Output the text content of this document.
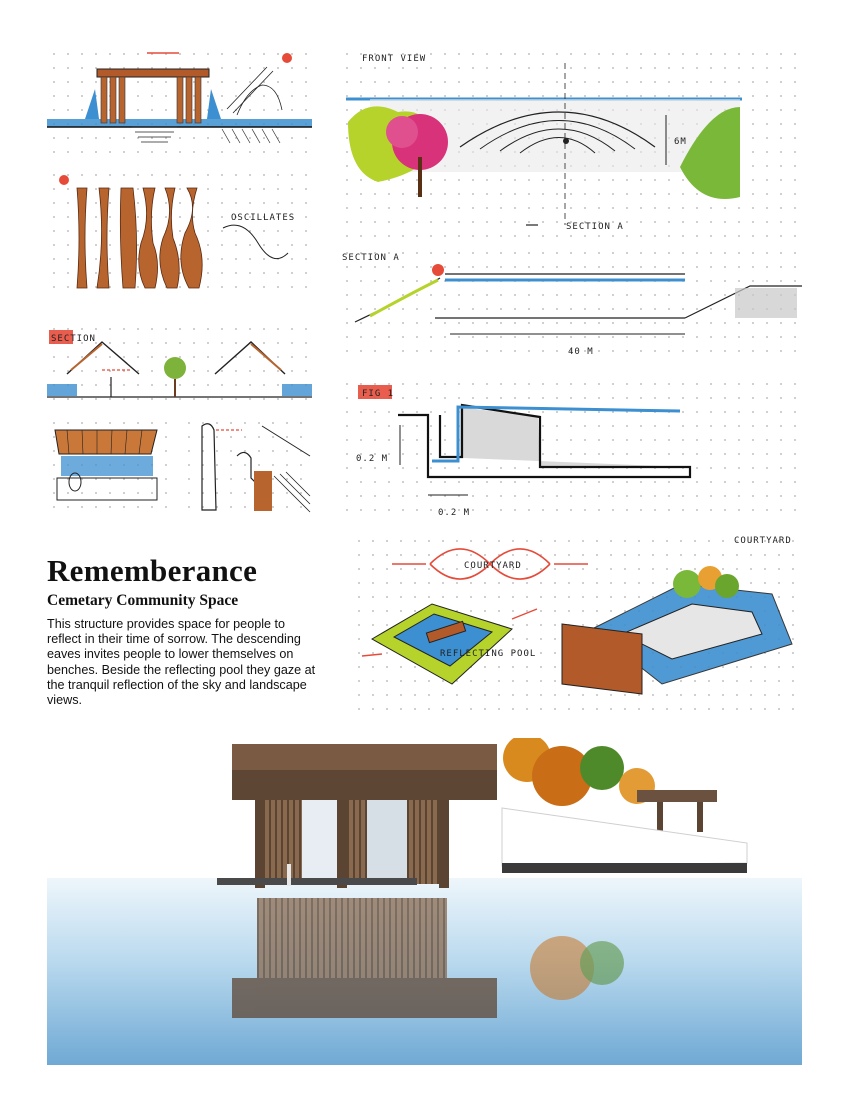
OSCILLATES
SECTION
FRONT VIEW
6M
SECTION A
SECTION A
40 M
FIG 1
0.2 M
0.2 M
COURTYARD
REFLECTING POOL
COURTYARD
Rememberance
Cemetary Community Space

This structure provides space for people to reflect in their time of sorrow. The descending eaves invites people to lower themselves on benches. Beside the reflecting pool they gaze at the tranquil reflection of the sky and landscape views.
